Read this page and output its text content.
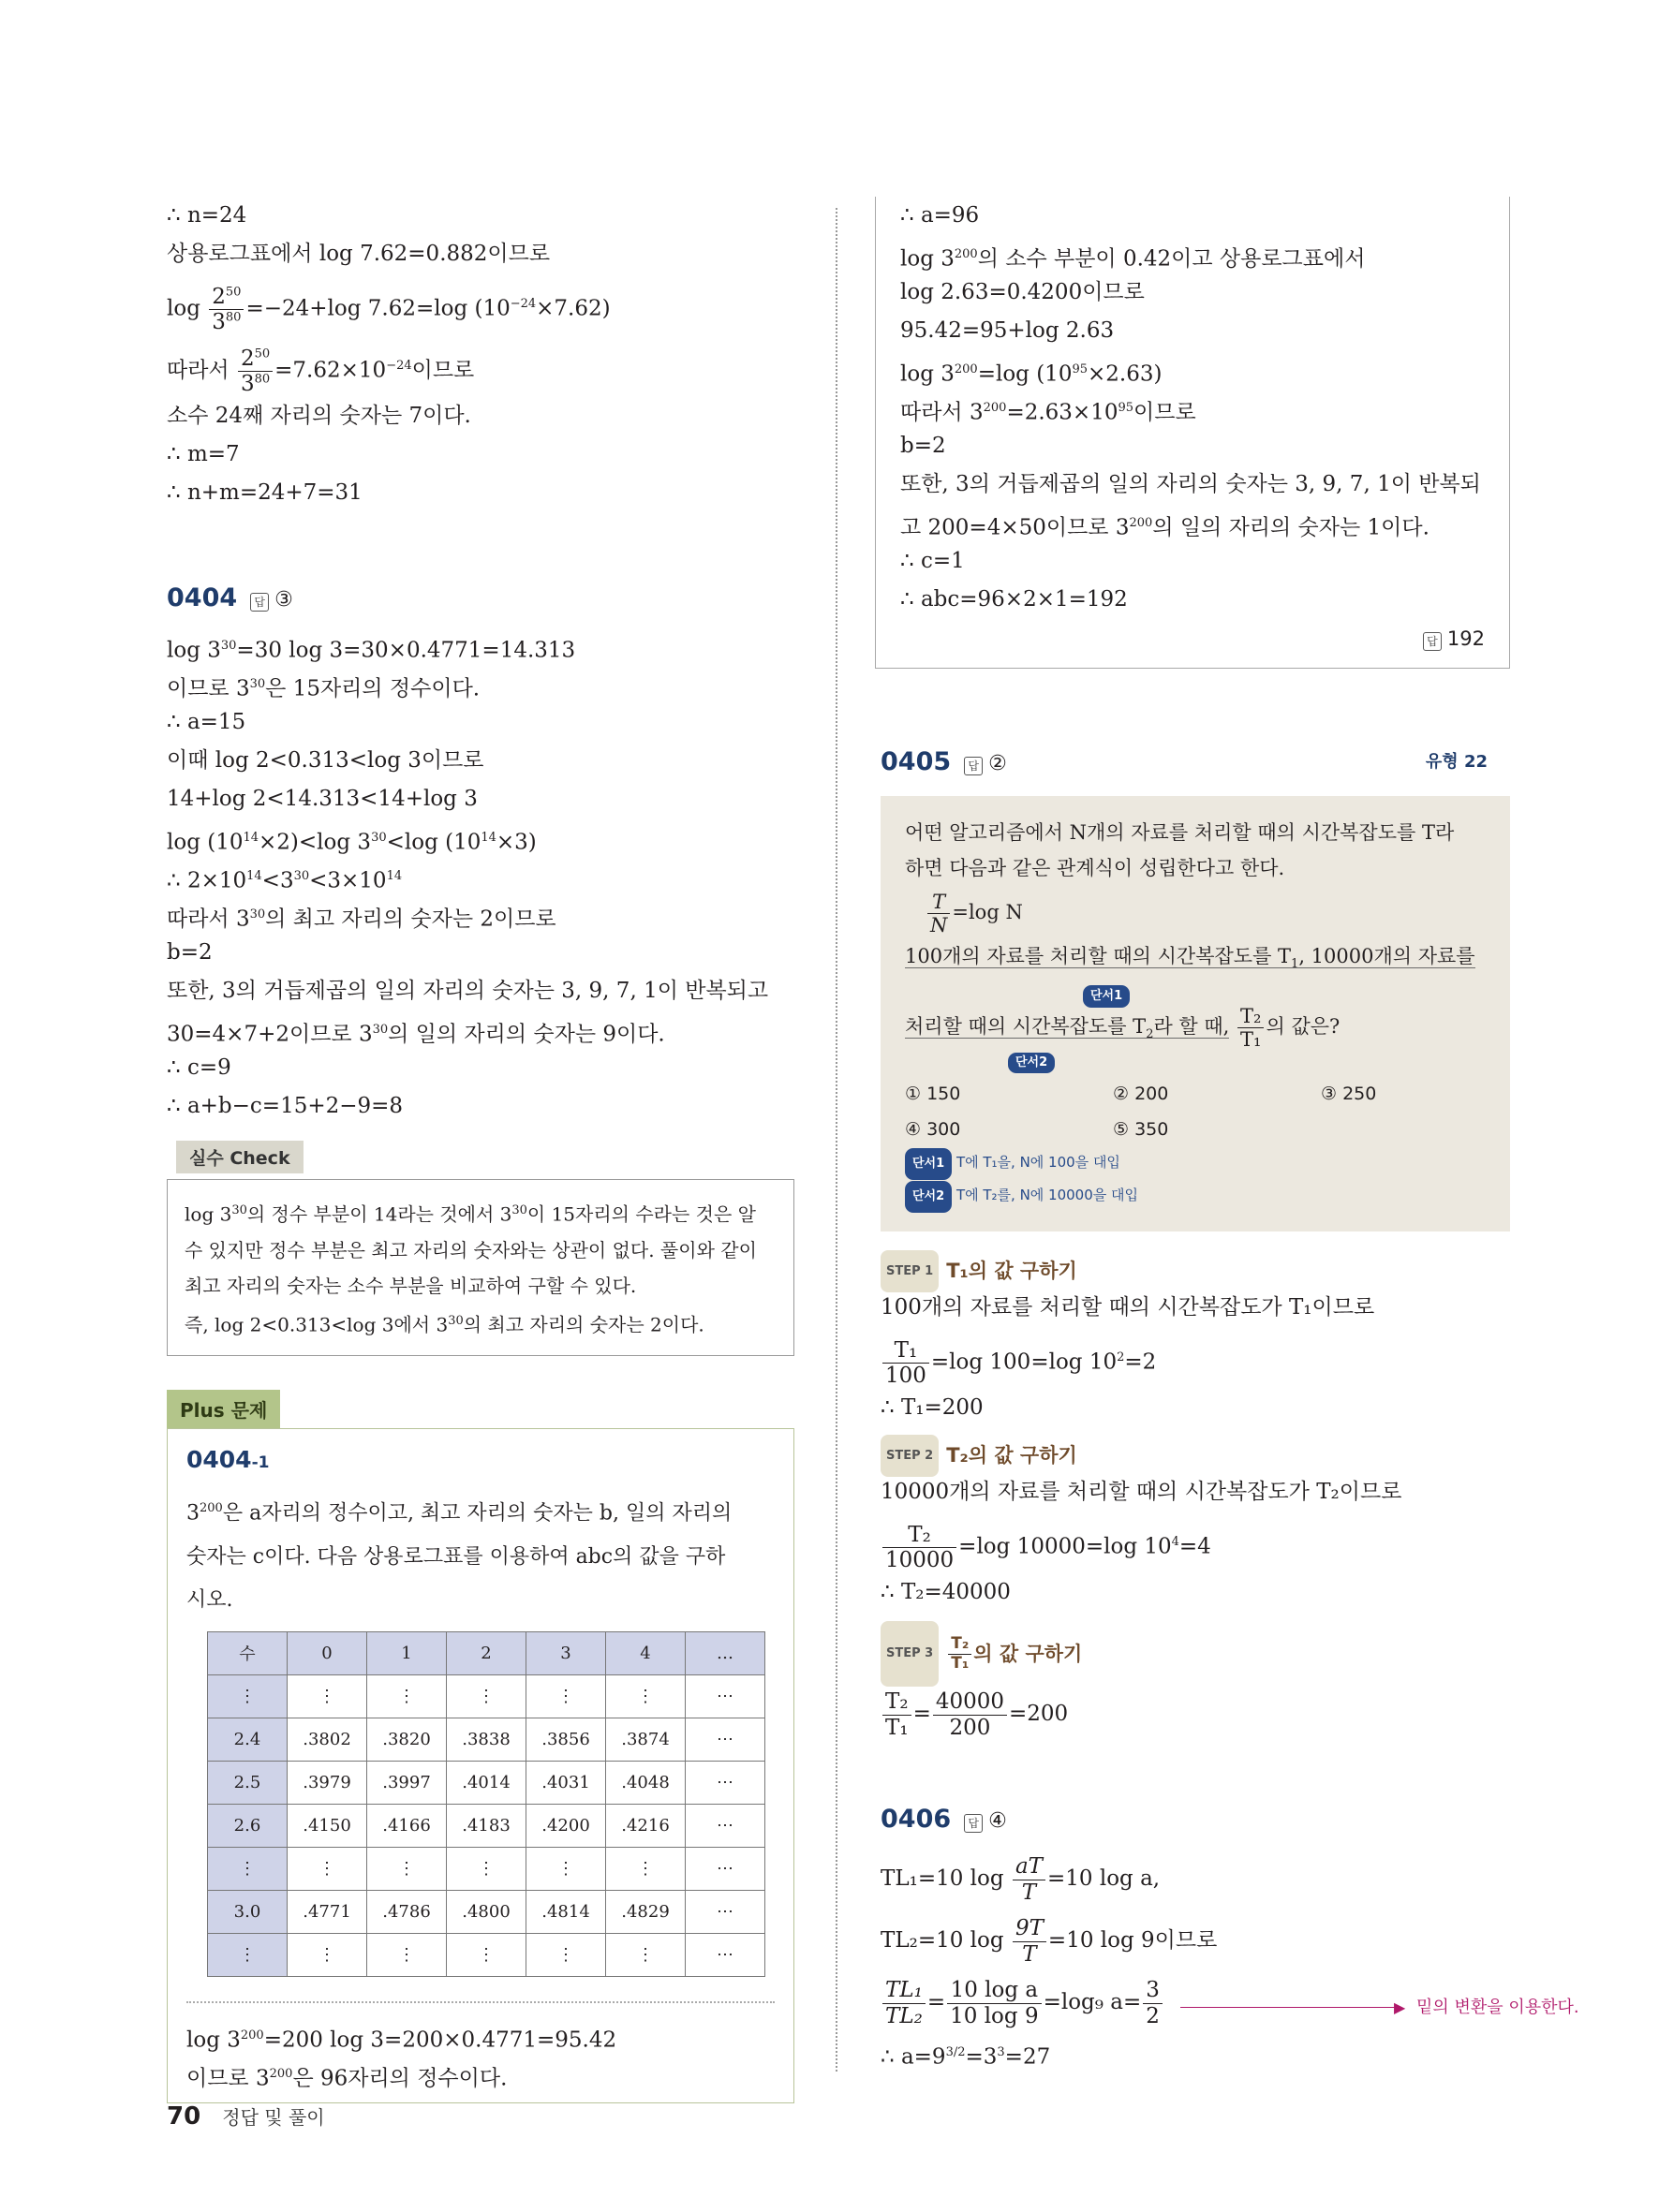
∴ n=24
상용로그표에서 log 7.62=0.882이므로
$\log \frac{2^{50}}{3^{80}} =-24+\log$ 7.62=log $(10^{-24}\times 7.62)$
따라서 $\frac{2^{50}}{3^{80}} =7.62\times 10^{-24}$이므로
소수 24째 자리의 숫자는 7이다.
∴ m=7
∴ n+m=24+7=31
0404 답 ③
$\log 3^{30}=30$ log 3=30×0.4771=14.313
이므로 $3^{30}$은 15자리의 정수이다.
∴ a=15
이때 log 2<0.313<log 3이므로
14+log 2<14.313<14+log 3
$\log (10^{14}\times 2)<\log$ $3^{30}<\log$ $(10^{14}\times 3)$
∴ $2\times 10^{14}<3^{30}<3\times 10^{14}$
따라서 $3^{30}$의 최고 자리의 숫자는 2이므로
b=2
또한, 3의 거듭제곱의 일의 자리의 숫자는 3, 9, 7, 1이 반복되고
30=4×7+2이므로 $3^{30}$의 일의 자리의 숫자는 9이다.
∴ c=9
∴ a+b−c=15+2−9=8
실수 Check
$\log 3^{30}$의 정수 부분이 14라는 것에서 $3^{30}$이 15자리의 수라는 것은 알
수 있지만 정수 부분은 최고 자리의 숫자와는 상관이 없다. 풀이와 같이
최고 자리의 숫자는 소수 부분을 비교하여 구할 수 있다.
즉, log 2<0.313<log 3에서 $3^{30}$의 최고 자리의 숫자는 2이다.
Plus 문제
0404-1
$3^{200}$은 a자리의 정수이고, 최고 자리의 숫자는 b, 일의 자리의
숫자는 c이다. 다음 상용로그표를 이용하여 abc의 값을 구하
시오.
수	0	1	2	3	4	…
⋮	⋮	⋮	⋮	⋮	⋮	⋯
2.4	.3802	.3820	.3838	.3856	.3874	⋯
2.5	.3979	.3997	.4014	.4031	.4048	⋯
2.6	.4150	.4166	.4183	.4200	.4216	⋯
⋮	⋮	⋮	⋮	⋮	⋮	⋯
3.0	.4771	.4786	.4800	.4814	.4829	⋯
⋮	⋮	⋮	⋮	⋮	⋮	⋯
$\log 3^{200}=200$ log 3=200×0.4771=95.42
이므로 $3^{200}$은 96자리의 정수이다.
∴ a=96
$\log 3^{200}$의 소수 부분이 0.42이고 상용로그표에서
log 2.63=0.4200이므로
95.42=95+log 2.63
$\log 3^{200}=\log$ $(10^{95}\times 2.63)$
따라서 $3^{200}=2.63\times 10^{95}$이므로
b=2
또한, 3의 거듭제곱의 일의 자리의 숫자는 3, 9, 7, 1이 반복되
고 200=4×50이므로 $3^{200}$의 일의 자리의 숫자는 1이다.
∴ c=1
∴ abc=96×2×1=192
답 192
0405 답 ②	유형 22
어떤 알고리즘에서 N개의 자료를 처리할 때의 시간복잡도를 T라
하면 다음과 같은 관계식이 성립한다고 한다.
$\frac{T}{N} =\log$ N
100개의 자료를 처리할 때의 시간복잡도를 $T_1$, 10000개의 자료를
단서1
처리할 때의 시간복잡도를 $T_2$라 할 때, $\frac{\text{T₂}}{\text{T₁}}$ 의 값은?
단서2
① 150	② 200	③ 250
④ 300	⑤ 350
단서1 T에 T₁을, N에 100을 대입
단서2 T에 T₂를, N에 10000을 대입
STEP 1 T₁의 값 구하기
100개의 자료를 처리할 때의 시간복잡도가 T₁이므로
$\frac{\text{T₁}}{100} =\log$ 100=log $10^2=2$
∴ T₁=200
STEP 2 T₂의 값 구하기
10000개의 자료를 처리할 때의 시간복잡도가 T₂이므로
$\frac{\text{T₂}}{10000} =\log$ 10000=log $10^4=4$
∴ T₂=40000
STEP $3 \frac{\text{T₂}}{\text{T₁}}$ 의 값 구하기
$\frac{\text{T₂}}{\text{T₁}} = \frac{40000}{200} =200$
0406 답 ④
TL₁=10 $\log \frac{aT}{T} =10$ log a,
TL₂=10 $\log \frac{9T}{T} =10$ log 9이므로
$\frac{\text{TL₁}}{\text{TL₂}} = \frac{\text{10 log a}}{10 \log 9} =\log_9$ $a= \frac{3}{2}$	▶ 밑의 변환을 이용한다.
∴ $a=9^{3/2}=3^3=27$
70 정답 및 풀이
